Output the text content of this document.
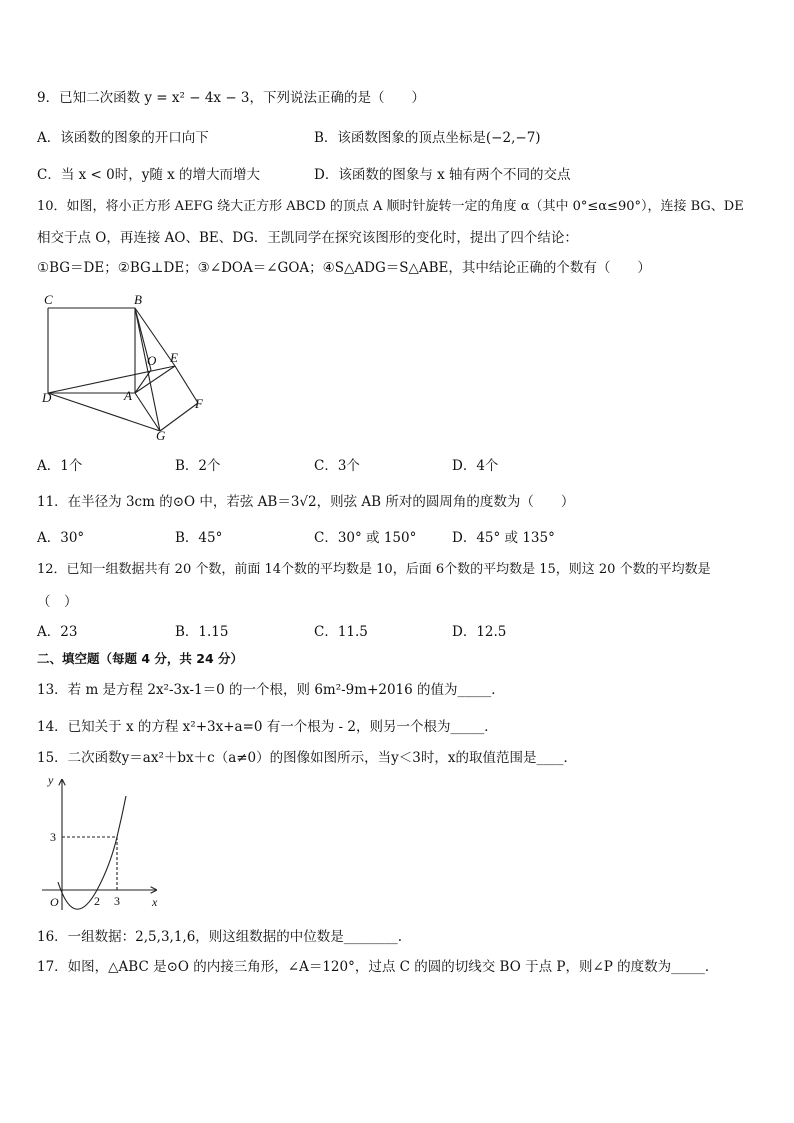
9．已知二次函数 y = x² − 4x − 3，下列说法正确的是（　　）
A．该函数的图象的开口向下	B．该函数图象的顶点坐标是(−2,−7)
C．当 x < 0时，y随 x 的增大而增大	D．该函数的图象与 x 轴有两个不同的交点
10．如图，将小正方形 AEFG 绕大正方形 ABCD 的顶点 A 顺时针旋转一定的角度 α（其中 0°≤α≤90°），连接 BG、DE
相交于点 O，再连接 AO、BE、DG．王凯同学在探究该图形的变化时，提出了四个结论：
①BG＝DE；②BG⊥DE；③∠DOA＝∠GOA；④S△ADG＝S△ABE，其中结论正确的个数有（　　）
C	B
O E
D	A
F
G
A．1个	B．2个	C．3个	D．4个
11．在半径为 3cm 的⊙O 中，若弦 AB＝3√2，则弦 AB 所对的圆周角的度数为（　　）
A．30°	B．45°	C．30° 或 150°	D．45° 或 135°
12．已知一组数据共有 20 个数，前面 14个数的平均数是 10，后面 6个数的平均数是 15，则这 20 个数的平均数是
（　）
A．23	B．1.15	C．11.5	D．12.5
二、填空题（每题 4 分，共 24 分）
13．若 m 是方程 2x²-3x-1＝0 的一个根，则 6m²-9m+2016 的值为_____．
14．已知关于 x 的方程 x²+3x+a=0 有一个根为 - 2，则另一个根为_____．
15．二次函数y＝ax²＋bx＋c（a≠0）的图像如图所示，当y＜3时，x的取值范围是____．
y
x
O
3
2 3
16．一组数据：2,5,3,1,6，则这组数据的中位数是________.
17．如图，△ABC 是⊙O 的内接三角形，∠A＝120°，过点 C 的圆的切线交 BO 于点 P，则∠P 的度数为_____．
